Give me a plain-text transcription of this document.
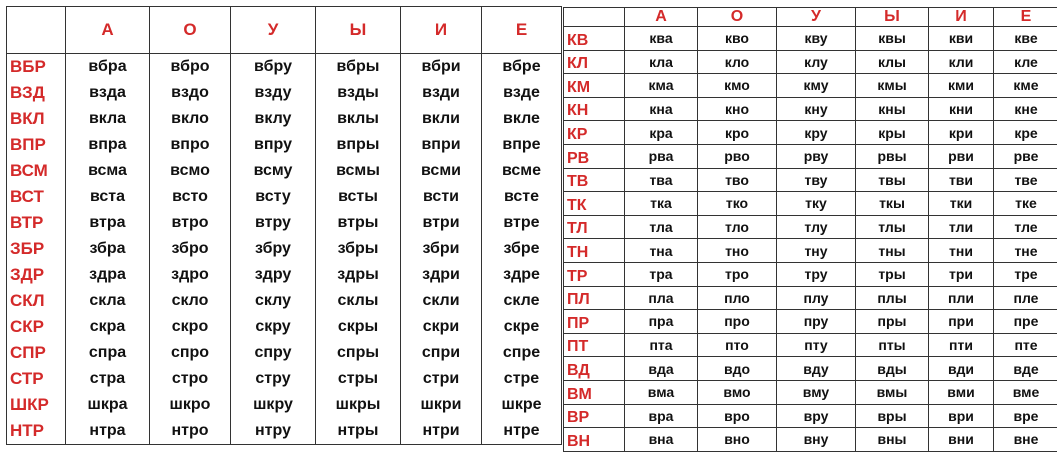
	А	О	У	Ы	И	Е
ВБР	вбра	вбро	вбру	вбры	вбри	вбре
ВЗД	взда	вздо	взду	взды	взди	вздe
ВКЛ	вкла	вкло	вклу	вклы	вкли	вкле
ВПР	впра	впро	впру	впры	впри	впре
ВСМ	всма	всмо	всму	всмы	всми	всме
ВСТ	вста	всто	всту	всты	всти	всте
ВТР	втра	втро	втру	втры	втри	втре
ЗБР	збра	збро	збру	збры	збри	збре
ЗДР	здра	здро	здру	здры	здри	здре
СКЛ	скла	скло	склу	склы	скли	скле
СКР	скра	скро	скру	скры	скри	скре
СПР	спра	спро	спру	спры	спри	спре
СТР	стра	стро	стру	стры	стри	стре
ШКР	шкра	шкро	шкру	шкры	шкри	шкре
НТР	нтра	нтро	нтру	нтры	нтри	нтре
	А	О	У	Ы	И	Е
КВ	ква	кво	кву	квы	кви	кве
КЛ	кла	кло	клу	клы	кли	кле
КМ	кма	кмо	кму	кмы	кми	кме
КН	кна	кно	кну	кны	кни	кне
КР	кра	кро	кру	кры	кри	кре
РВ	рва	рво	рву	рвы	рви	рве
ТВ	тва	тво	тву	твы	тви	тве
ТК	тка	тко	тку	ткы	тки	тке
ТЛ	тла	тло	тлу	тлы	тли	тле
ТН	тна	тно	тну	тны	тни	тне
ТР	тра	тро	тру	тры	три	тре
ПЛ	пла	пло	плу	плы	пли	пле
ПР	пра	про	пру	пры	при	пре
ПТ	пта	пто	пту	пты	пти	пте
ВД	вда	вдо	вду	вды	вди	вде
ВМ	вма	вмо	вму	вмы	вми	вме
ВР	вра	вро	вру	вры	ври	вре
ВН	вна	вно	вну	вны	вни	вне
